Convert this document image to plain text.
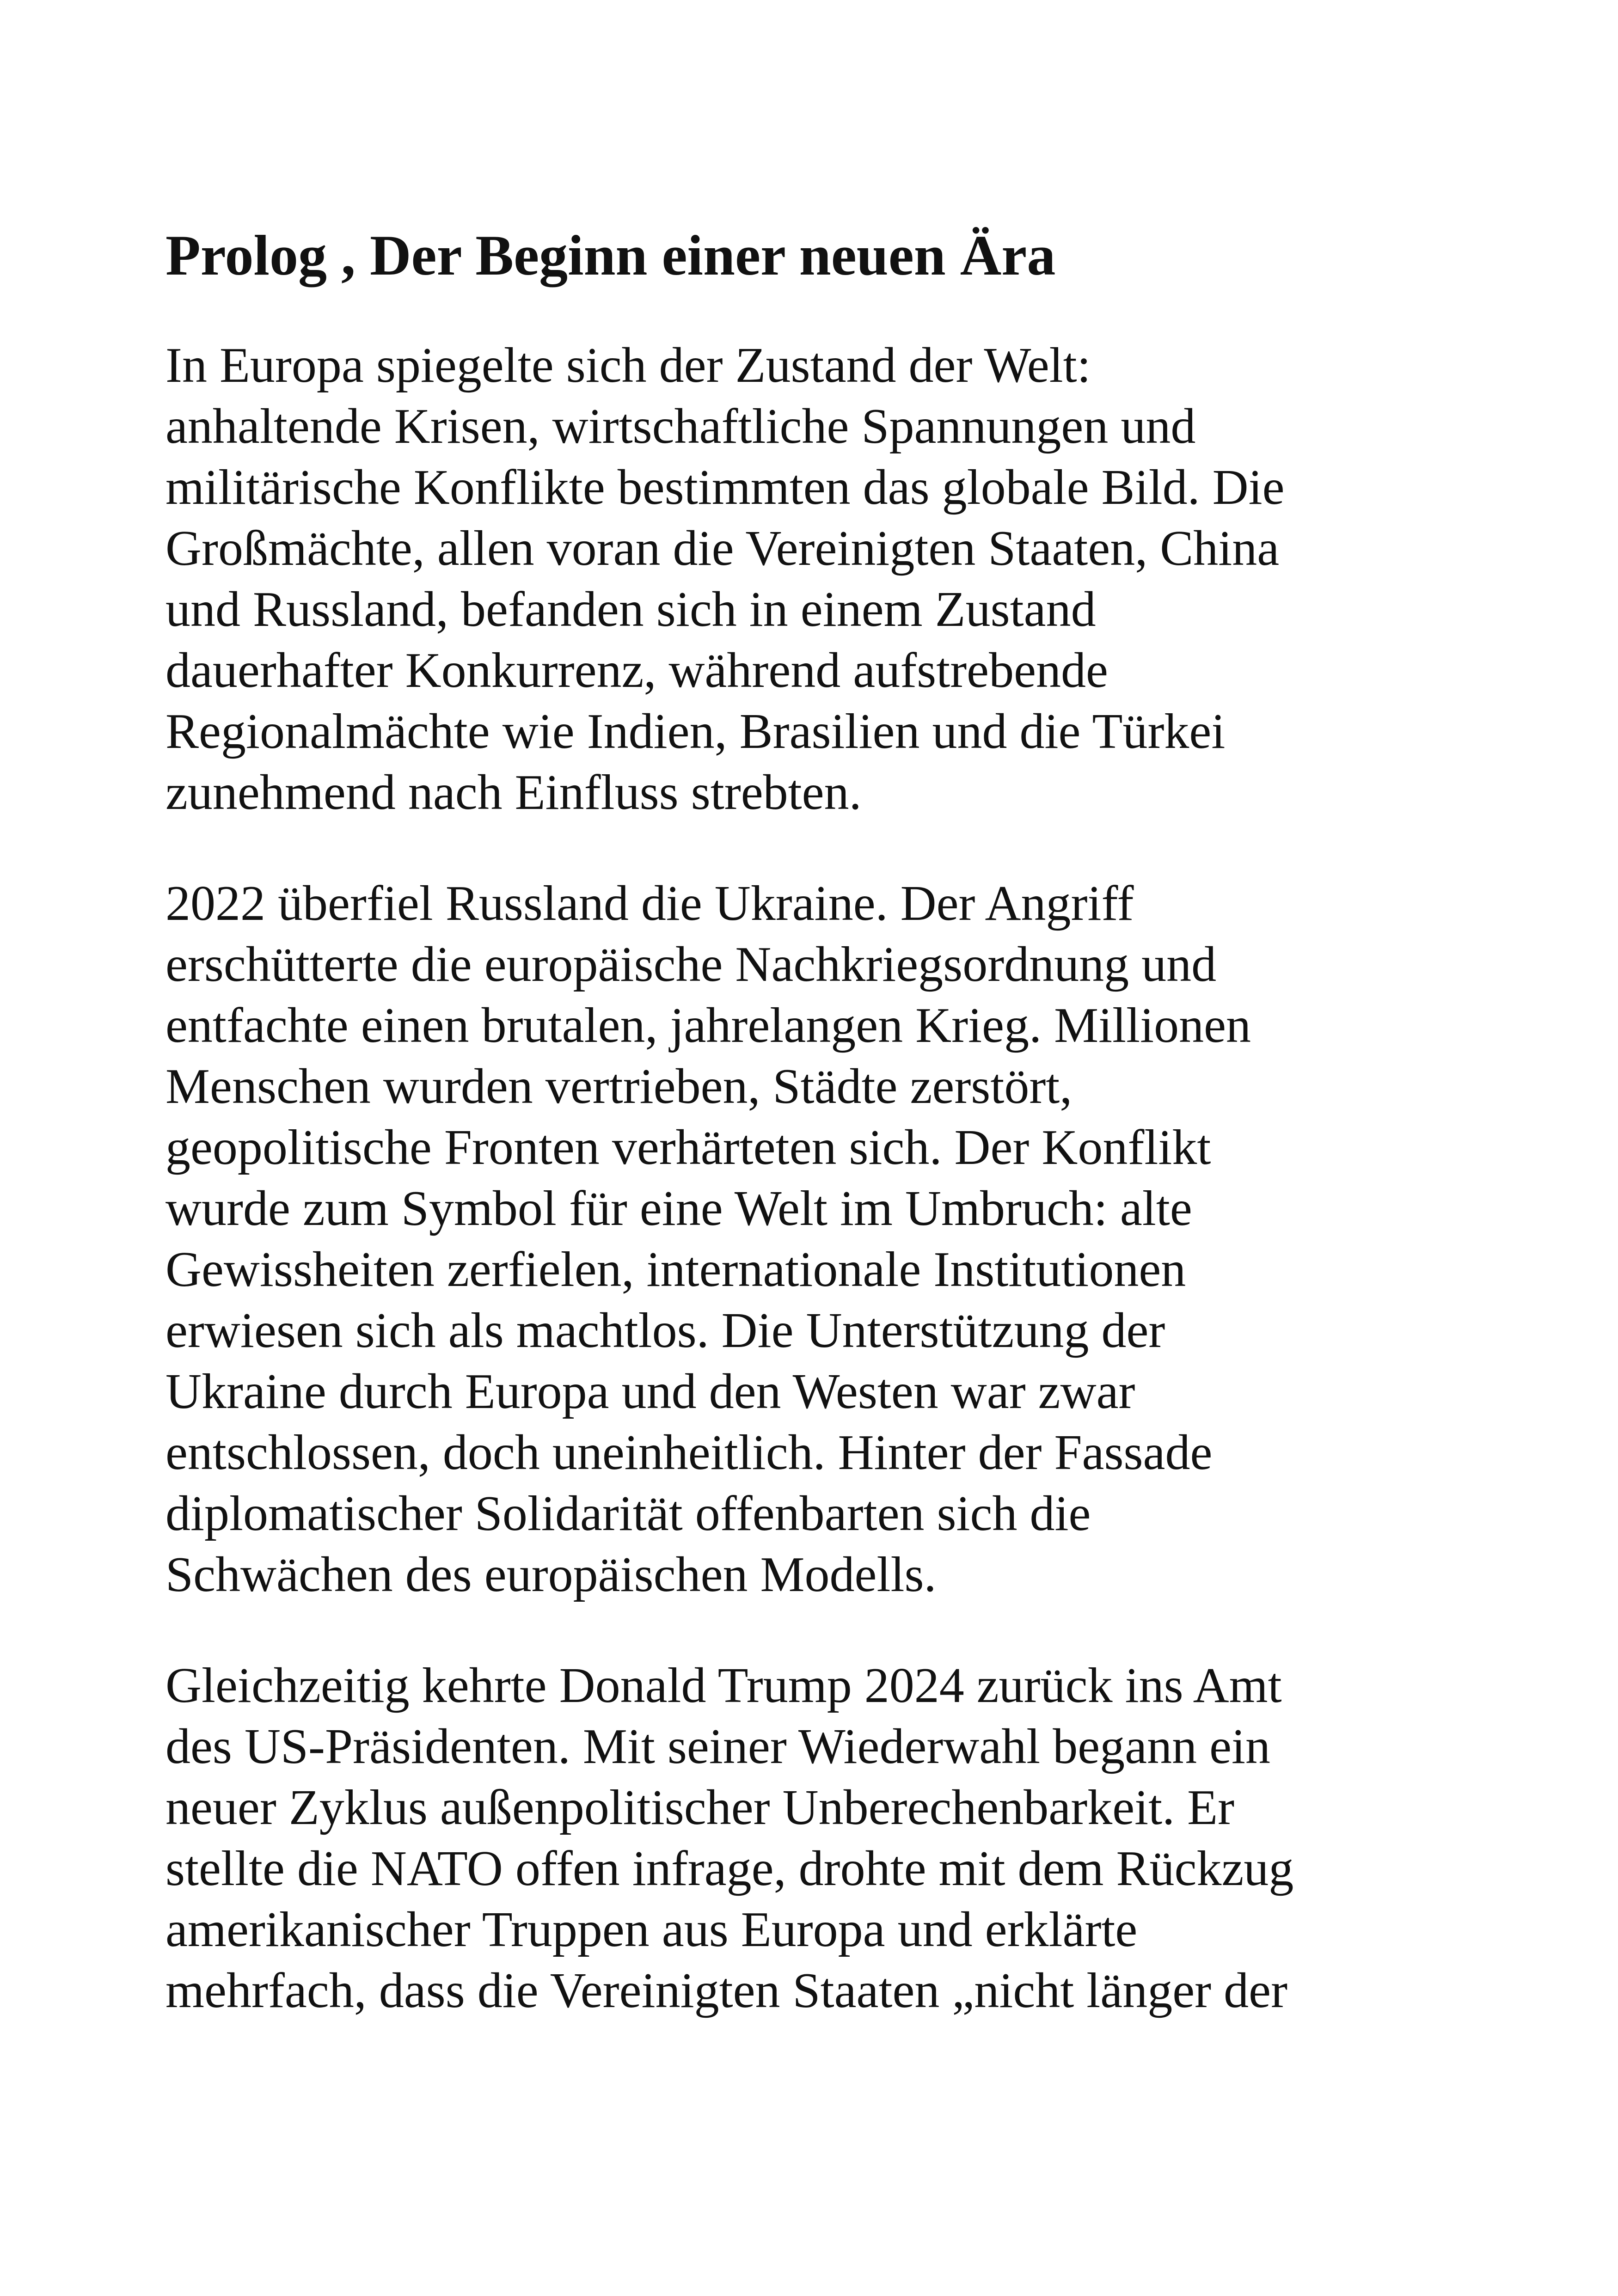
Prolog , Der Beginn einer neuen Ära

In Europa spiegelte sich der Zustand der Welt:
anhaltende Krisen, wirtschaftliche Spannungen und
militärische Konflikte bestimmten das globale Bild. Die
Großmächte, allen voran die Vereinigten Staaten, China
und Russland, befanden sich in einem Zustand
dauerhafter Konkurrenz, während aufstrebende
Regionalmächte wie Indien, Brasilien und die Türkei
zunehmend nach Einfluss strebten.

2022 überfiel Russland die Ukraine. Der Angriff
erschütterte die europäische Nachkriegsordnung und
entfachte einen brutalen, jahrelangen Krieg. Millionen
Menschen wurden vertrieben, Städte zerstört,
geopolitische Fronten verhärteten sich. Der Konflikt
wurde zum Symbol für eine Welt im Umbruch: alte
Gewissheiten zerfielen, internationale Institutionen
erwiesen sich als machtlos. Die Unterstützung der
Ukraine durch Europa und den Westen war zwar
entschlossen, doch uneinheitlich. Hinter der Fassade
diplomatischer Solidarität offenbarten sich die
Schwächen des europäischen Modells.

Gleichzeitig kehrte Donald Trump 2024 zurück ins Amt
des US-Präsidenten. Mit seiner Wiederwahl begann ein
neuer Zyklus außenpolitischer Unberechenbarkeit. Er
stellte die NATO offen infrage, drohte mit dem Rückzug
amerikanischer Truppen aus Europa und erklärte
mehrfach, dass die Vereinigten Staaten „nicht länger der
